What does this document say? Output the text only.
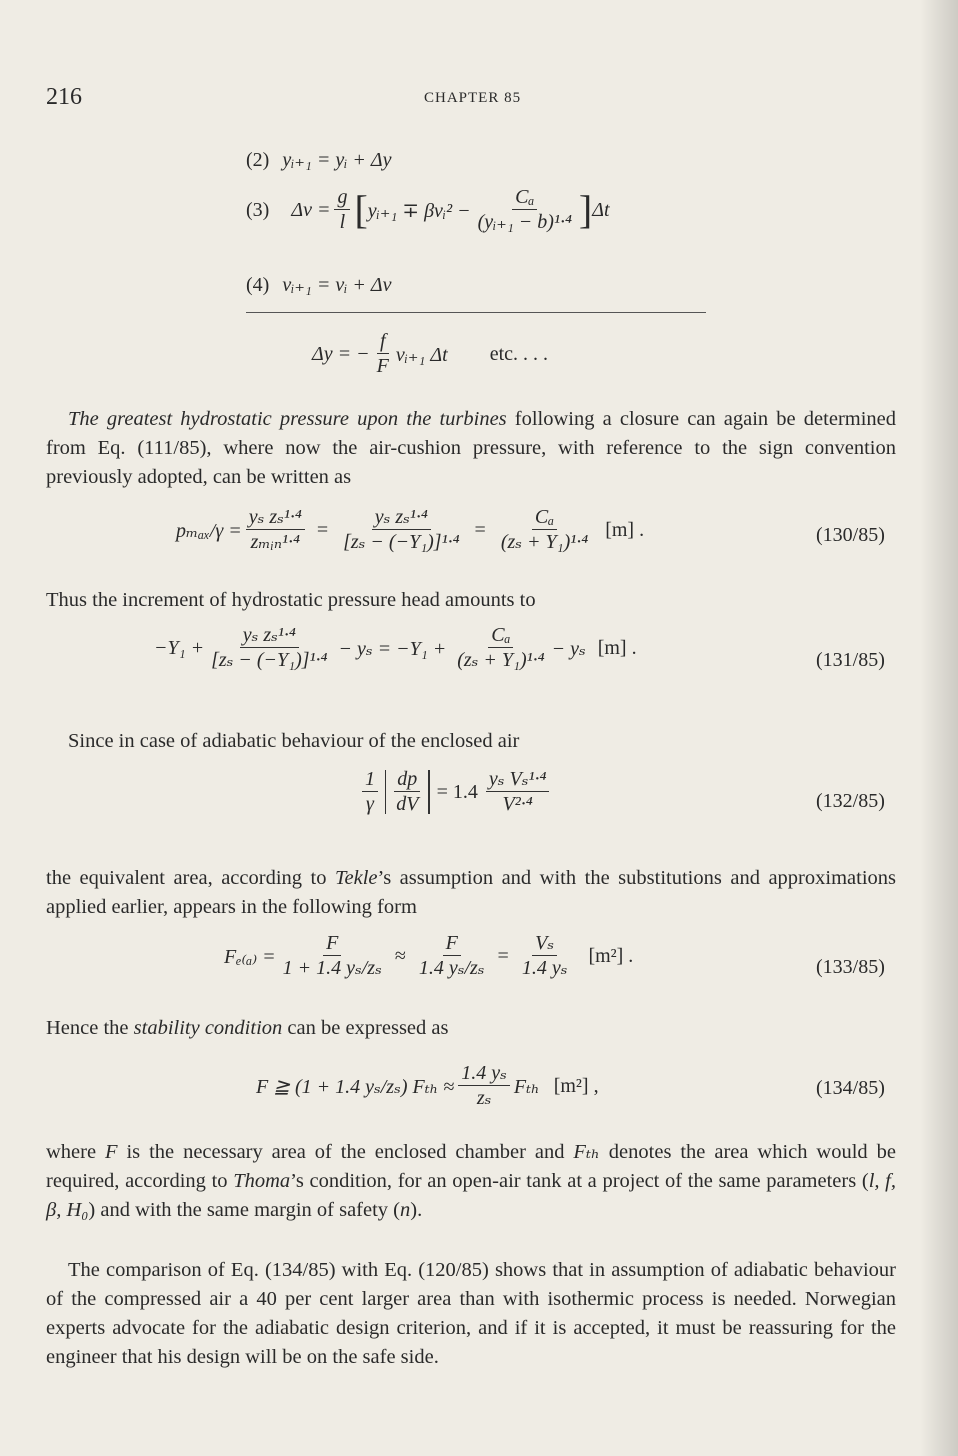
216	CHAPTER 85
(2) yᵢ₊₁ = yᵢ + Δy
(3) $\Delta v = \frac{g}{l}$ [ yᵢ₊₁ ∓ βvᵢ² − $\frac{\text{Cₐ}}{\text{(yᵢ₊₁ − b)¹·⁴}}$ ] Δt
(4) vᵢ₊₁ = vᵢ + Δv
Δy = − $\frac{f}{F}$ vᵢ₊₁ Δt etc. . . .
The greatest hydrostatic pressure upon the turbines following a closure can again be determined from Eq. (111/85), where now the air-cushion pressure, with reference to the sign convention previously adopted, can be written as
$p_{max}/\gamma = \frac{\text{yₛ zₛ¹·⁴}}{\text{zₘᵢₙ¹·⁴}} = \frac{\text{yₛ zₛ¹·⁴}}{\text{[zₛ − (−Y₁)]¹·⁴}} = \frac{\text{Cₐ}}{\text{(zₛ + Y₁)¹·⁴}} [m]$ .	(130/85)
Thus the increment of hydrostatic pressure head amounts to
$-Y_1 + \frac{\text{yₛ zₛ¹·⁴}}{\text{[zₛ − (−Y₁)]¹·⁴}} - y_s = -Y_1 + \frac{\text{Cₐ}}{\text{(zₛ + Y₁)¹·⁴}} - y_s$ [m] .
(131/85)
Since in case of adiabatic behaviour of the enclosed air
$\frac{1}{\gamma} \frac{dp}{dV} = 1.4 \frac{\text{yₛ Vₛ¹·⁴}}{\text{V²·⁴}}$	(132/85)
the equivalent area, according to Tekle’s assumption and with the substitutions and approximations applied earlier, appears in the following form
$F_{e(a)} = \frac{F}{\text{1 + 1.4 yₛ/zₛ}} \approx \frac{F}{\text{1.4 yₛ/zₛ}} = \frac{\text{Vₛ}}{\text{1.4 yₛ}} [m^2]$ .
(133/85)
Hence the stability condition can be expressed as
F ≧ (1 + 1.4 yₛ/zₛ) $F_{th} \approx \frac{\text{1.4 yₛ}}{\text{zₛ}}$ Fₜₕ [m²] ,	(134/85)
where F is the necessary area of the enclosed chamber and Fₜₕ denotes the area which would be required, according to Thoma’s condition, for an open-air tank at a project of the same parameters (l, f, β, H₀) and with the same margin of safety (n).
The comparison of Eq. (134/85) with Eq. (120/85) shows that in assumption of adiabatic behaviour of the compressed air a 40 per cent larger area than with isothermic process is needed. Norwegian experts advocate for the adiabatic design criterion, and if it is accepted, it must be reassuring for the engineer that his design will be on the safe side.
